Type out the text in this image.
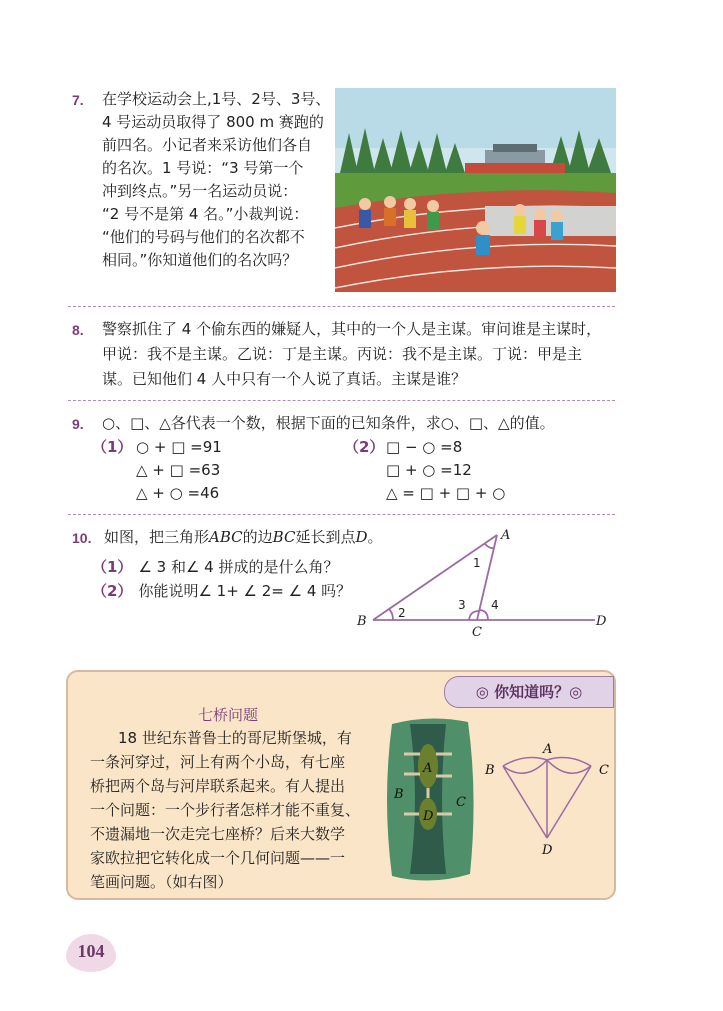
7. 在学校运动会上,1号、2号、3号、
4 号运动员取得了 800 m 赛跑的
前四名。小记者来采访他们各自
的名次。1 号说：“3 号第一个
冲到终点。”另一名运动员说：
“2 号不是第 4 名。”小裁判说：
“他们的号码与他们的名次都不
相同。”你知道他们的名次吗？
8. 警察抓住了 4 个偷东西的嫌疑人，其中的一个人是主谋。审问谁是主谋时，
甲说：我不是主谋。乙说：丁是主谋。丙说：我不是主谋。丁说：甲是主
谋。已知他们 4 人中只有一个人说了真话。主谋是谁？
9. ○、□、△各代表一个数，根据下面的已知条件，求○、□、△的值。
（1） ○ + □ =91
△ + □ =63
△ + ○ =46
（2） □ − ○ =8
□ + ○ =12
△ = □ + □ + ○
10. 如图，把三角形ABC的边BC延长到点D。
（1） ∠ 3 和∠ 4 拼成的是什么角？
（2） 你能说明∠ 1+ ∠ 2= ∠ 4 吗？
A
B
C
D
1
2
3 4
◎ 你知道吗？◎
七桥问题
18 世纪东普鲁士的哥尼斯堡城，有
一条河穿过，河上有两个小岛，有七座
桥把两个岛与河岸联系起来。有人提出
一个问题：一个步行者怎样才能不重复、
不遗漏地一次走完七座桥？后来大数学
家欧拉把它转化成一个几何问题——一
笔画问题。（如右图）
A
B
C
D
A
B	C
D
104
